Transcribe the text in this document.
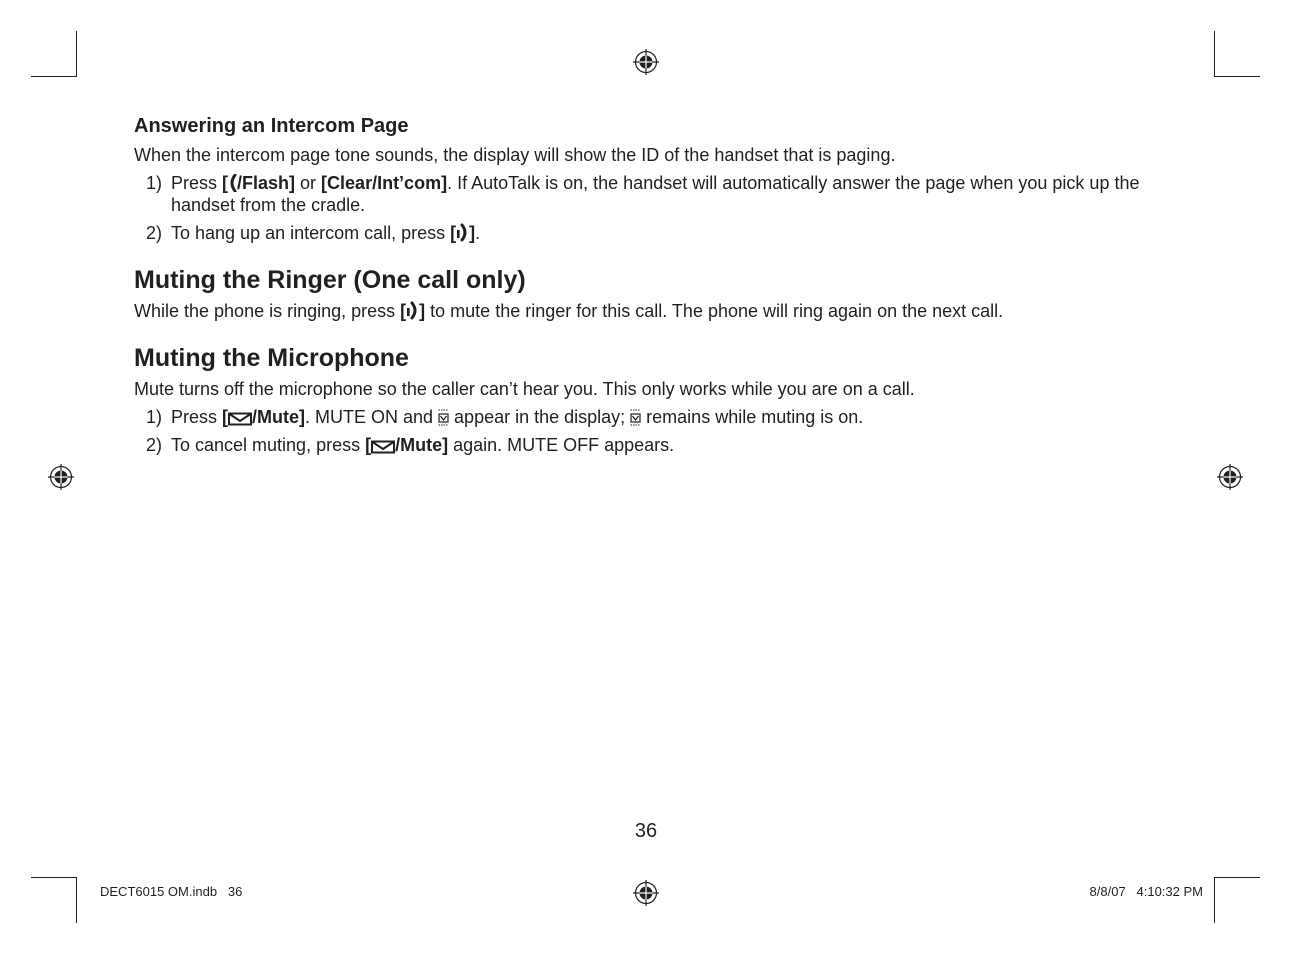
Answering an Intercom Page
When the intercom page tone sounds, the display will show the ID of the handset that is paging.
1) Press [ /Flash] or [Clear/Int’com]. If AutoTalk is on, the handset will automatically answer the page when you pick up the handset from the cradle.
2) To hang up an intercom call, press [ ].
Muting the Ringer (One call only)
While the phone is ringing, press [ ] to mute the ringer for this call. The phone will ring again on the next call.
Muting the Microphone
Mute turns off the microphone so the caller can’t hear you. This only works while you are on a call.
1) Press [ /Mute]. MUTE ON and  appear in the display;  remains while muting is on.
2) To cancel muting, press [ /Mute] again. MUTE OFF appears.
36
DECT6015 OM.indb   36	8/8/07   4:10:32 PM
